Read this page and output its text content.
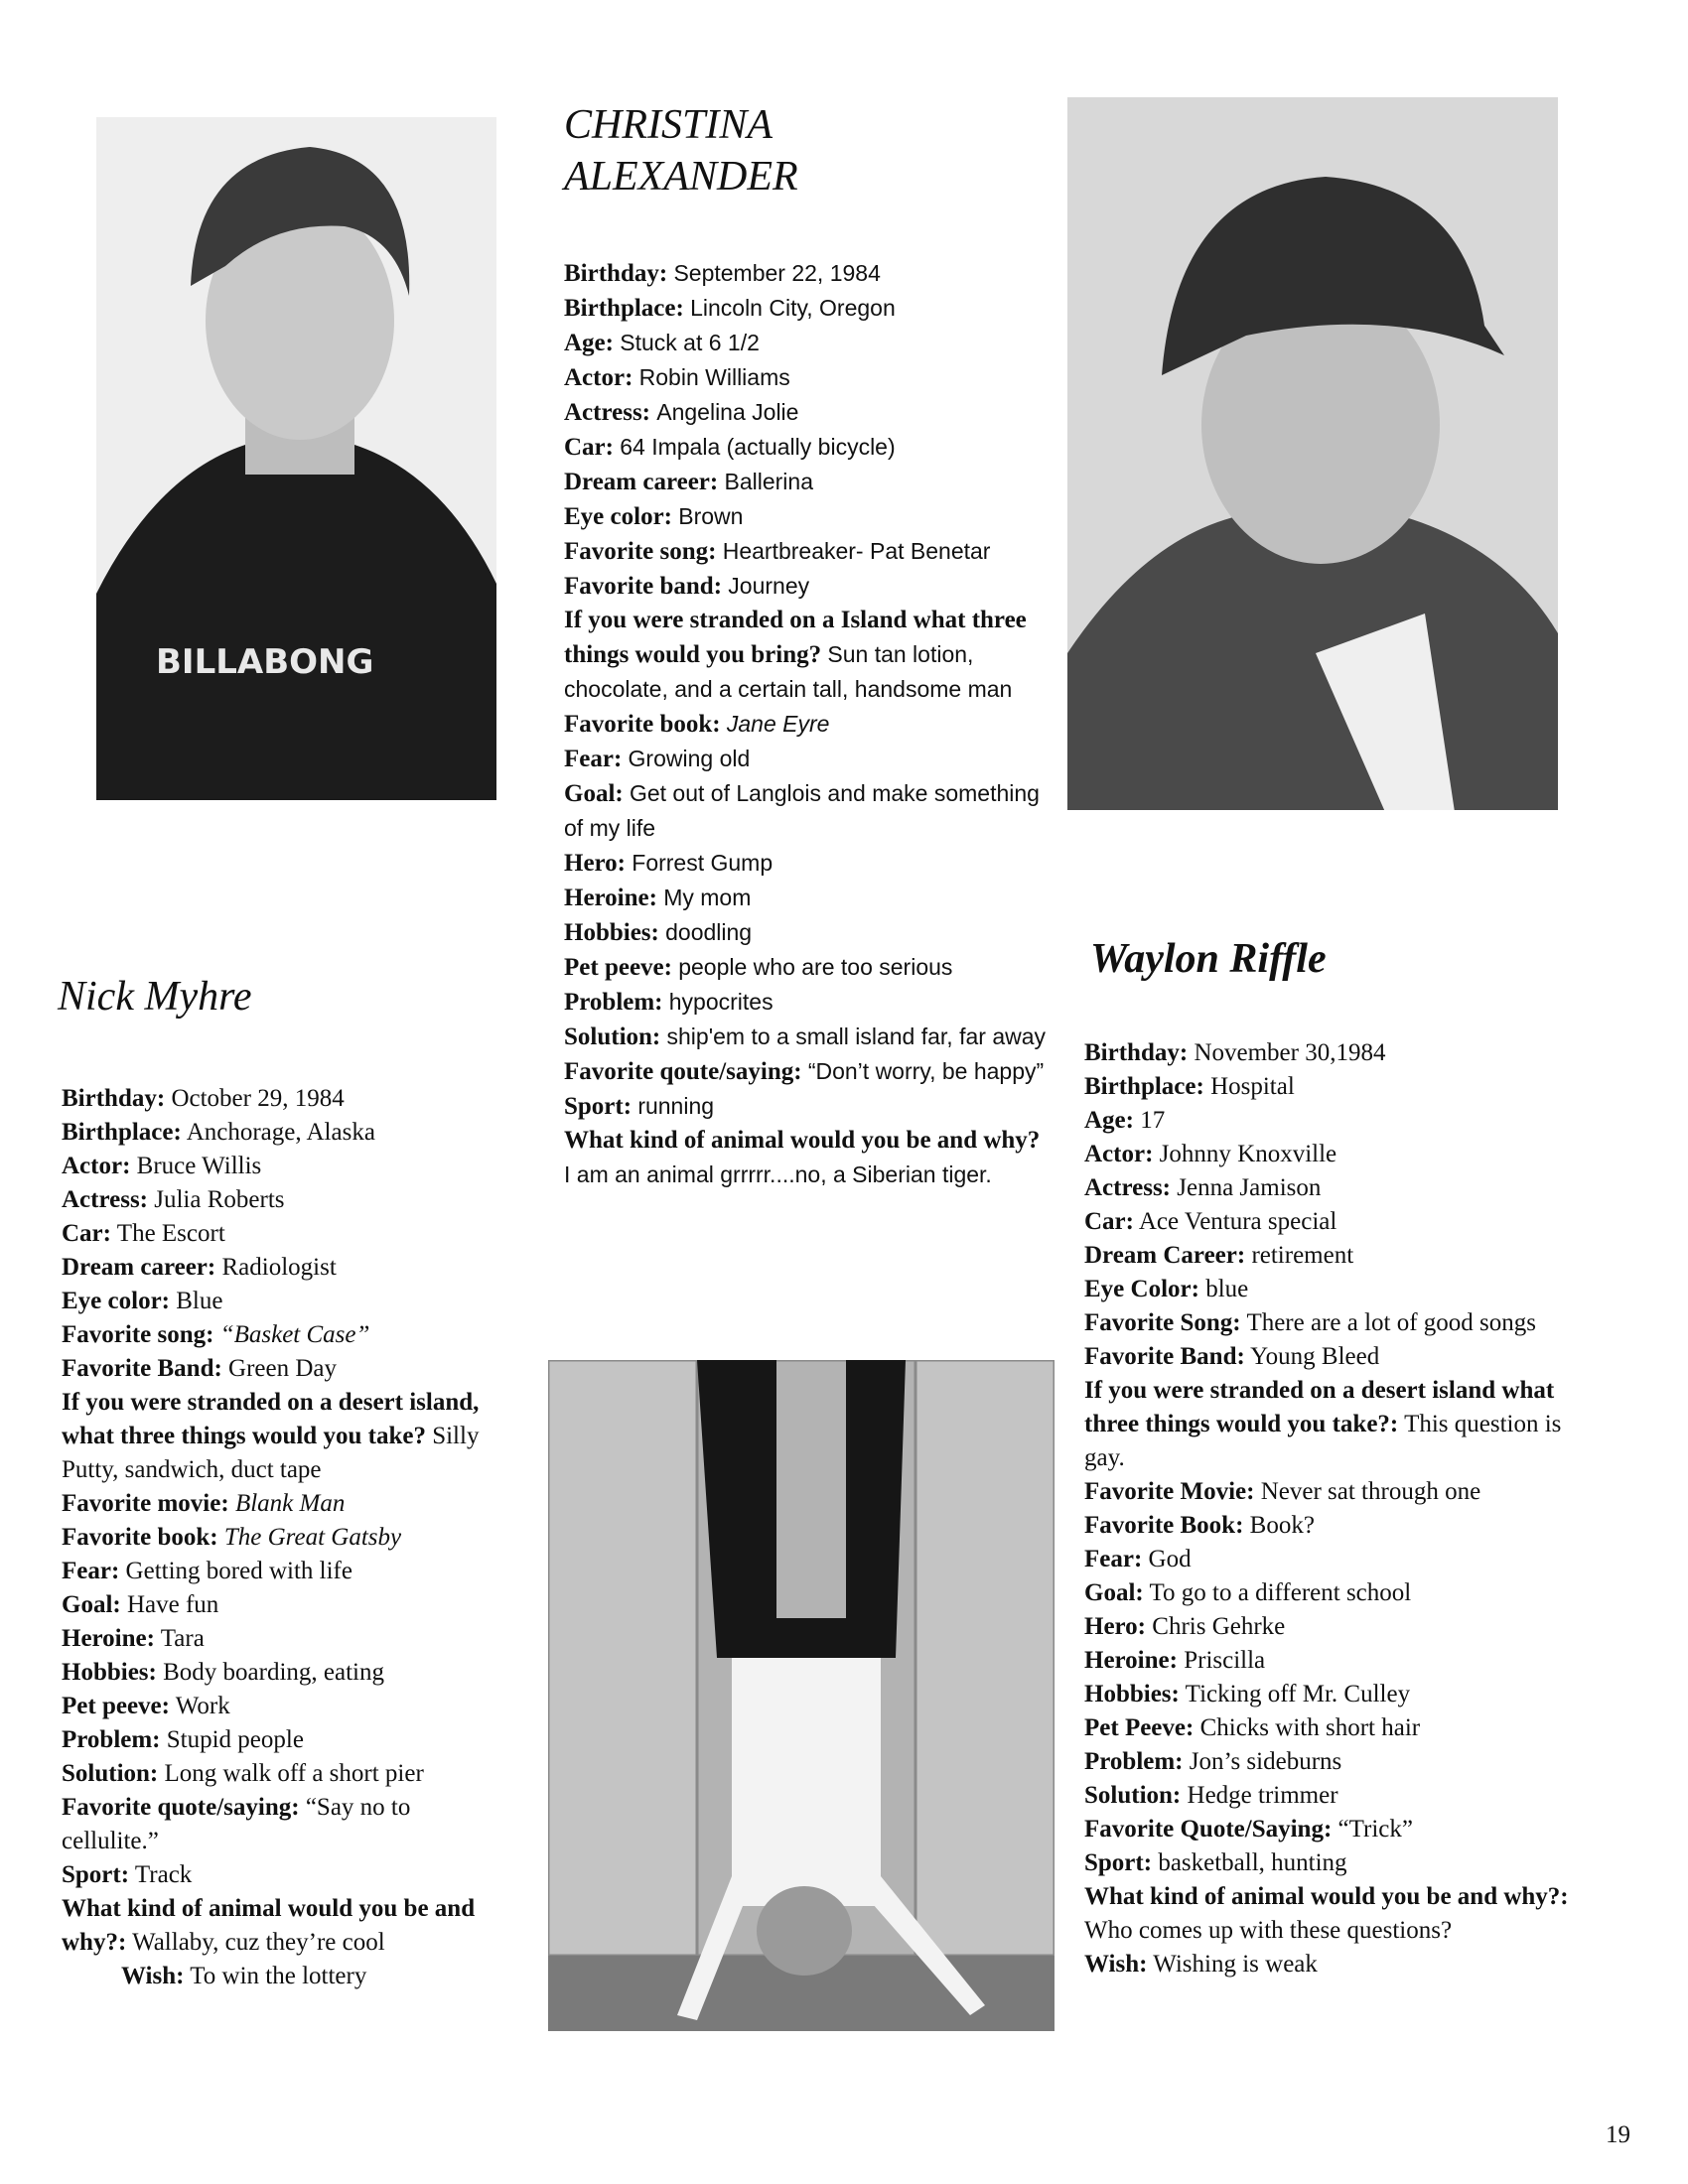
BILLABONG
CHRISTINA
ALEXANDER

Birthday: September 22, 1984

Birthplace: Lincoln City, Oregon

Age: Stuck at 6 1/2

Actor: Robin Williams

Actress: Angelina Jolie

Car: 64 Impala (actually bicycle)

Dream career: Ballerina

Eye color: Brown

Favorite song: Heartbreaker- Pat Benetar

Favorite band: Journey

If you were stranded on a Island what three things would you bring? Sun tan lotion, chocolate, and a certain tall, handsome man

Favorite book: Jane Eyre

Fear: Growing old

Goal: Get out of Langlois and make something of my life

Hero: Forrest Gump

Heroine: My mom

Hobbies: doodling

Pet peeve: people who are too serious

Problem: hypocrites

Solution: ship'em to a small island far, far away

Favorite qoute/saying: “Don’t worry, be happy”

Sport: running

What kind of animal would you be and why? I am an animal grrrrr....no, a Siberian tiger.

Nick Myhre

Birthday: October 29, 1984

Birthplace: Anchorage, Alaska

Actor: Bruce Willis

Actress: Julia Roberts

Car: The Escort

Dream career: Radiologist

Eye color: Blue

Favorite song: “Basket Case”

Favorite Band: Green Day

If you were stranded on a desert island, what three things would you take? Silly Putty, sandwich, duct tape

Favorite movie: Blank Man

Favorite book: The Great Gatsby

Fear: Getting bored with life

Goal: Have fun

Heroine: Tara

Hobbies: Body boarding, eating

Pet peeve: Work

Problem: Stupid people

Solution: Long walk off a short pier

Favorite quote/saying: “Say no to cellulite.”

Sport: Track

What kind of animal would you be and why?: Wallaby, cuz they’re cool

Wish: To win the lottery

Waylon Riffle

Birthday: November 30,1984

Birthplace: Hospital

Age: 17

Actor: Johnny Knoxville

Actress: Jenna Jamison

Car: Ace Ventura special

Dream Career: retirement

Eye Color: blue

Favorite Song: There are a lot of good songs

Favorite Band: Young Bleed

If you were stranded on a desert island what three things would you take?: This question is gay.

Favorite Movie: Never sat through one

Favorite Book: Book?

Fear: God

Goal: To go to a different school

Hero: Chris Gehrke

Heroine: Priscilla

Hobbies: Ticking off Mr. Culley

Pet Peeve: Chicks with short hair

Problem: Jon’s sideburns

Solution: Hedge trimmer

Favorite Quote/Saying: “Trick”

Sport: basketball, hunting

What kind of animal would you be and why?: Who comes up with these questions?

Wish: Wishing is weak

19
